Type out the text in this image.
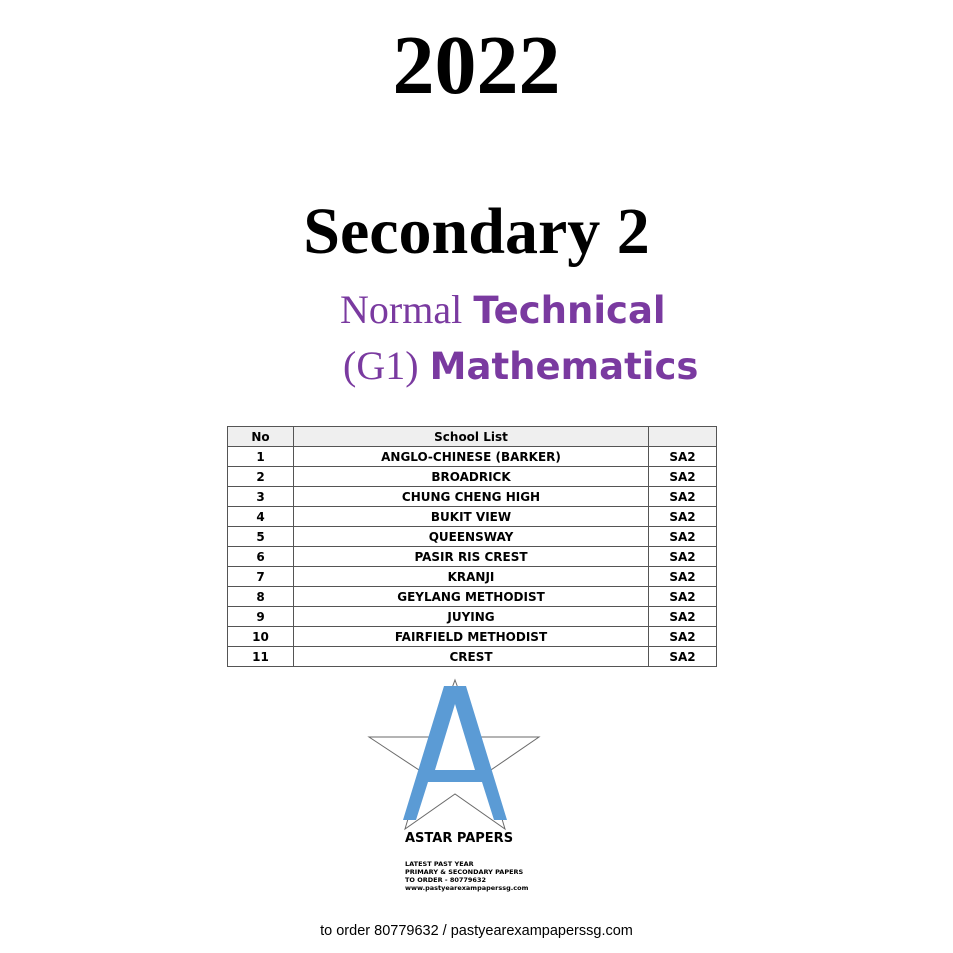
2022
Secondary 2
Normal Technical
(G1) Mathematics
No	School List	
1	ANGLO-CHINESE (BARKER)	SA2
2	BROADRICK	SA2
3	CHUNG CHENG HIGH	SA2
4	BUKIT VIEW	SA2
5	QUEENSWAY	SA2
6	PASIR RIS CREST	SA2
7	KRANJI	SA2
8	GEYLANG METHODIST	SA2
9	JUYING	SA2
10	FAIRFIELD METHODIST	SA2
11	CREST	SA2
ASTAR PAPERS
LATEST PAST YEAR
PRIMARY & SECONDARY PAPERS
TO ORDER - 80779632
www.pastyearexampaperssg.com
to order 80779632 / pastyearexampaperssg.com
